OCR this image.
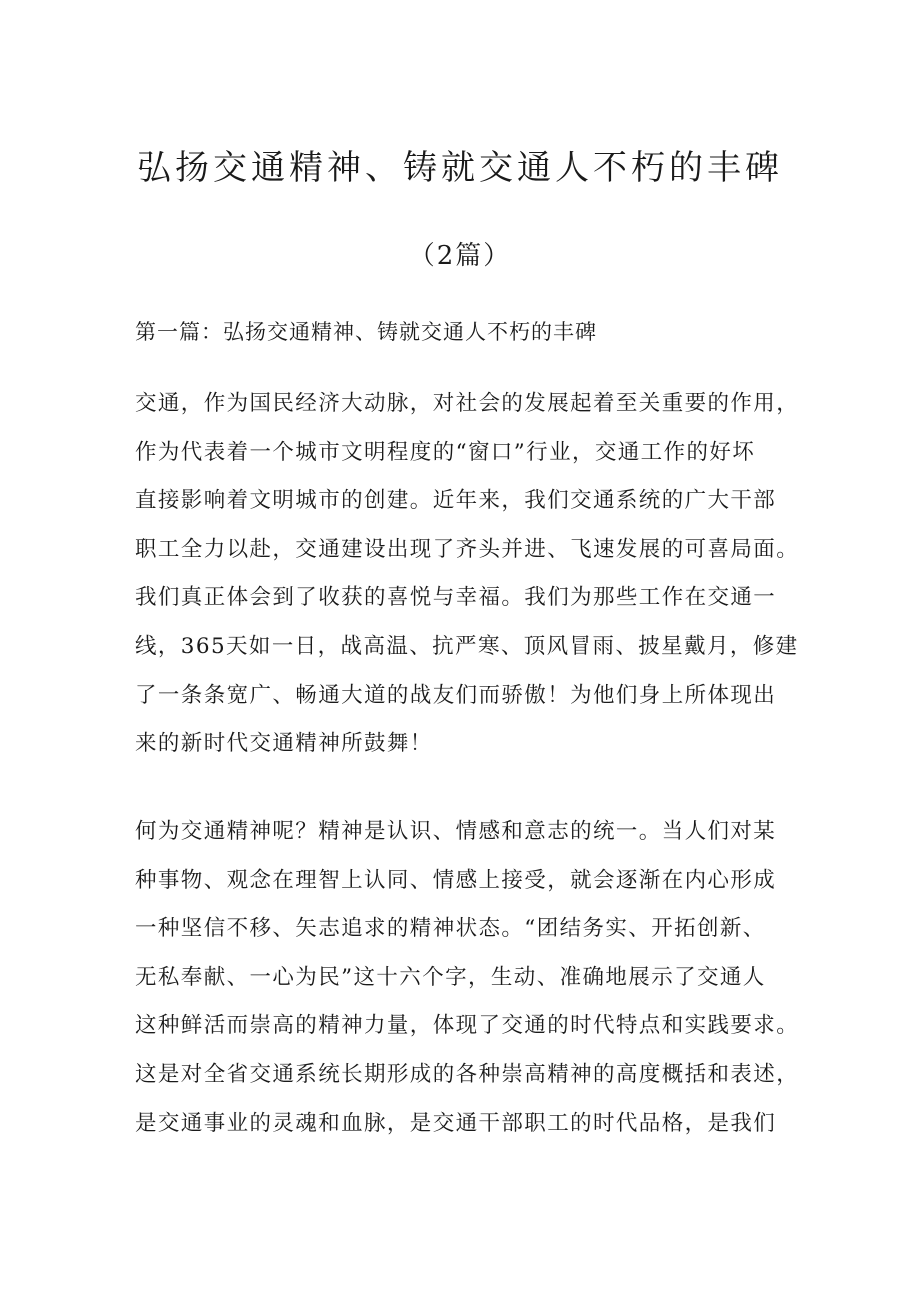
弘扬交通精神、铸就交通人不朽的丰碑
（2篇）
第一篇：弘扬交通精神、铸就交通人不朽的丰碑
交通，作为国民经济大动脉，对社会的发展起着至关重要的作用，
作为代表着一个城市文明程度的“窗口”行业，交通工作的好坏
直接影响着文明城市的创建。近年来，我们交通系统的广大干部
职工全力以赴，交通建设出现了齐头并进、飞速发展的可喜局面。
我们真正体会到了收获的喜悦与幸福。我们为那些工作在交通一
线，365天如一日，战高温、抗严寒、顶风冒雨、披星戴月，修建
了一条条宽广、畅通大道的战友们而骄傲！为他们身上所体现出
来的新时代交通精神所鼓舞！
何为交通精神呢？精神是认识、情感和意志的统一。当人们对某
种事物、观念在理智上认同、情感上接受，就会逐渐在内心形成
一种坚信不移、矢志追求的精神状态。“团结务实、开拓创新、
无私奉献、一心为民”这十六个字，生动、准确地展示了交通人
这种鲜活而崇高的精神力量，体现了交通的时代特点和实践要求。
这是对全省交通系统长期形成的各种崇高精神的高度概括和表述，
是交通事业的灵魂和血脉，是交通干部职工的时代品格，是我们
